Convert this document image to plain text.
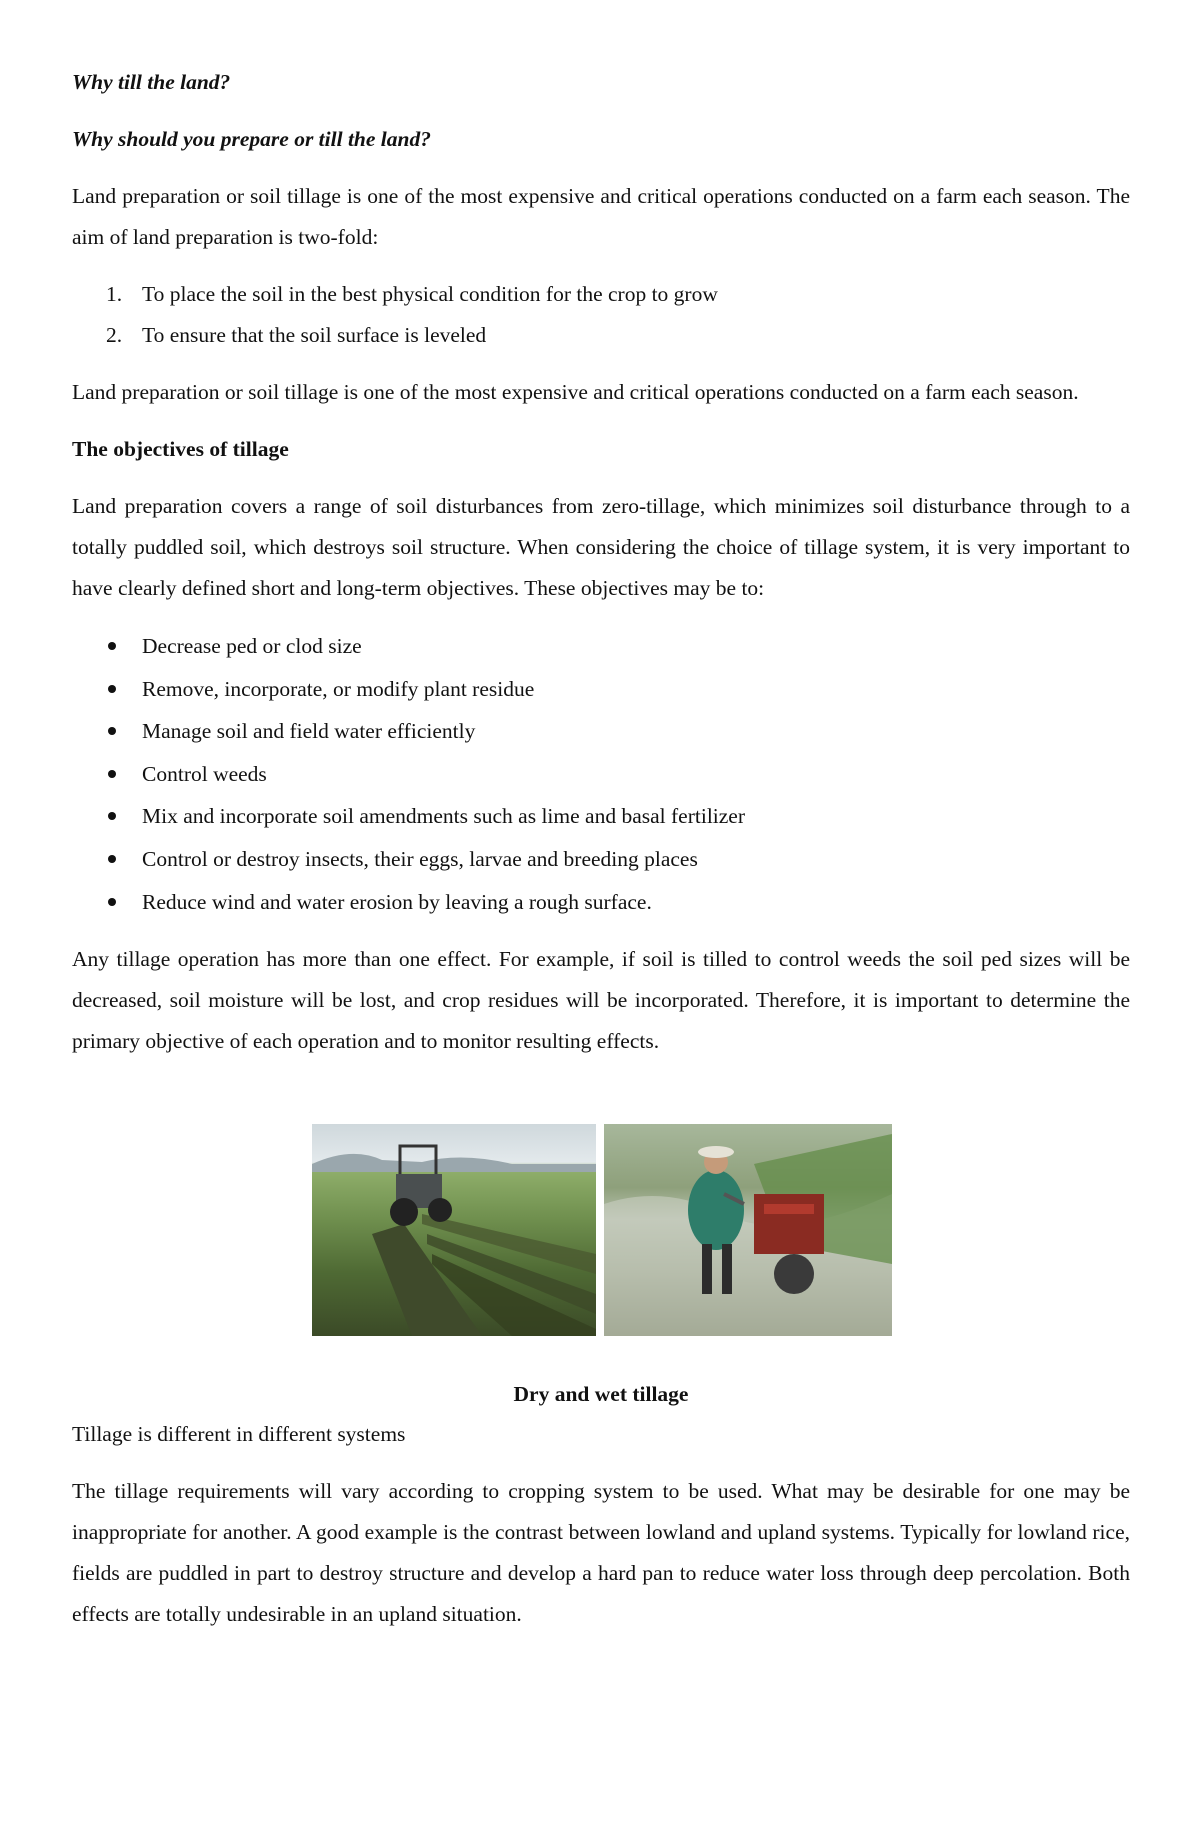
Why till the land?

Why should you prepare or till the land?

Land preparation or soil tillage is one of the most expensive and critical operations conducted on a farm each season. The aim of land preparation is two-fold:

1. To place the soil in the best physical condition for the crop to grow
2. To ensure that the soil surface is leveled

Land preparation or soil tillage is one of the most expensive and critical operations conducted on a farm each season.

The objectives of tillage

Land preparation covers a range of soil disturbances from zero-tillage, which minimizes soil disturbance through to a totally puddled soil, which destroys soil structure. When considering the choice of tillage system, it is very important to have clearly defined short and long-term objectives. These objectives may be to:

Decrease ped or clod size
Remove, incorporate, or modify plant residue
Manage soil and field water efficiently
Control weeds
Mix and incorporate soil amendments such as lime and basal fertilizer
Control or destroy insects, their eggs, larvae and breeding places
Reduce wind and water erosion by leaving a rough surface.

Any tillage operation has more than one effect. For example, if soil is tilled to control weeds the soil ped sizes will be decreased, soil moisture will be lost, and crop residues will be incorporated. Therefore, it is important to determine the primary objective of each operation and to monitor resulting effects.

Dry and wet tillage

Tillage is different in different systems

The tillage requirements will vary according to cropping system to be used. What may be desirable for one may be inappropriate for another. A good example is the contrast between lowland and upland systems. Typically for lowland rice, fields are puddled in part to destroy structure and develop a hard pan to reduce water loss through deep percolation. Both effects are totally undesirable in an upland situation.
